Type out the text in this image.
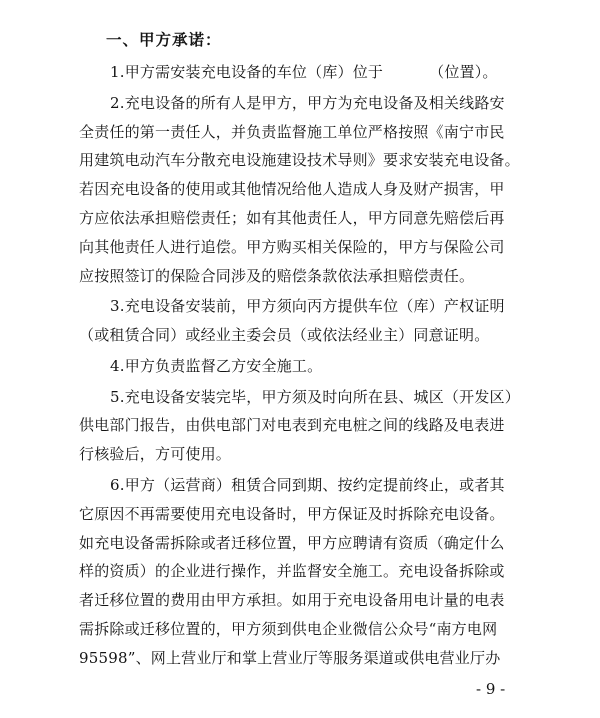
一、甲方承诺：
1.甲方需安装充电设备的车位（库）位于	（位置）。
2.充电设备的所有人是甲方，甲方为充电设备及相关线路安
全责任的第一责任人，并负责监督施工单位严格按照《南宁市民
用建筑电动汽车分散充电设施建设技术导则》要求安装充电设备。
若因充电设备的使用或其他情况给他人造成人身及财产损害，甲
方应依法承担赔偿责任；如有其他责任人，甲方同意先赔偿后再
向其他责任人进行追偿。甲方购买相关保险的，甲方与保险公司
应按照签订的保险合同涉及的赔偿条款依法承担赔偿责任。
3.充电设备安装前，甲方须向丙方提供车位（库）产权证明
（或租赁合同）或经业主委会员（或依法经业主）同意证明。
4.甲方负责监督乙方安全施工。
5.充电设备安装完毕，甲方须及时向所在县、城区（开发区）
供电部门报告，由供电部门对电表到充电桩之间的线路及电表进
行核验后，方可使用。
6.甲方（运营商）租赁合同到期、按约定提前终止，或者其
它原因不再需要使用充电设备时，甲方保证及时拆除充电设备。
如充电设备需拆除或者迁移位置，甲方应聘请有资质（确定什么
样的资质）的企业进行操作，并监督安全施工。充电设备拆除或
者迁移位置的费用由甲方承担。如用于充电设备用电计量的电表
需拆除或迁移位置的，甲方须到供电企业微信公众号“南方电网
95598”、网上营业厅和掌上营业厅等服务渠道或供电营业厅办
- 9 -
